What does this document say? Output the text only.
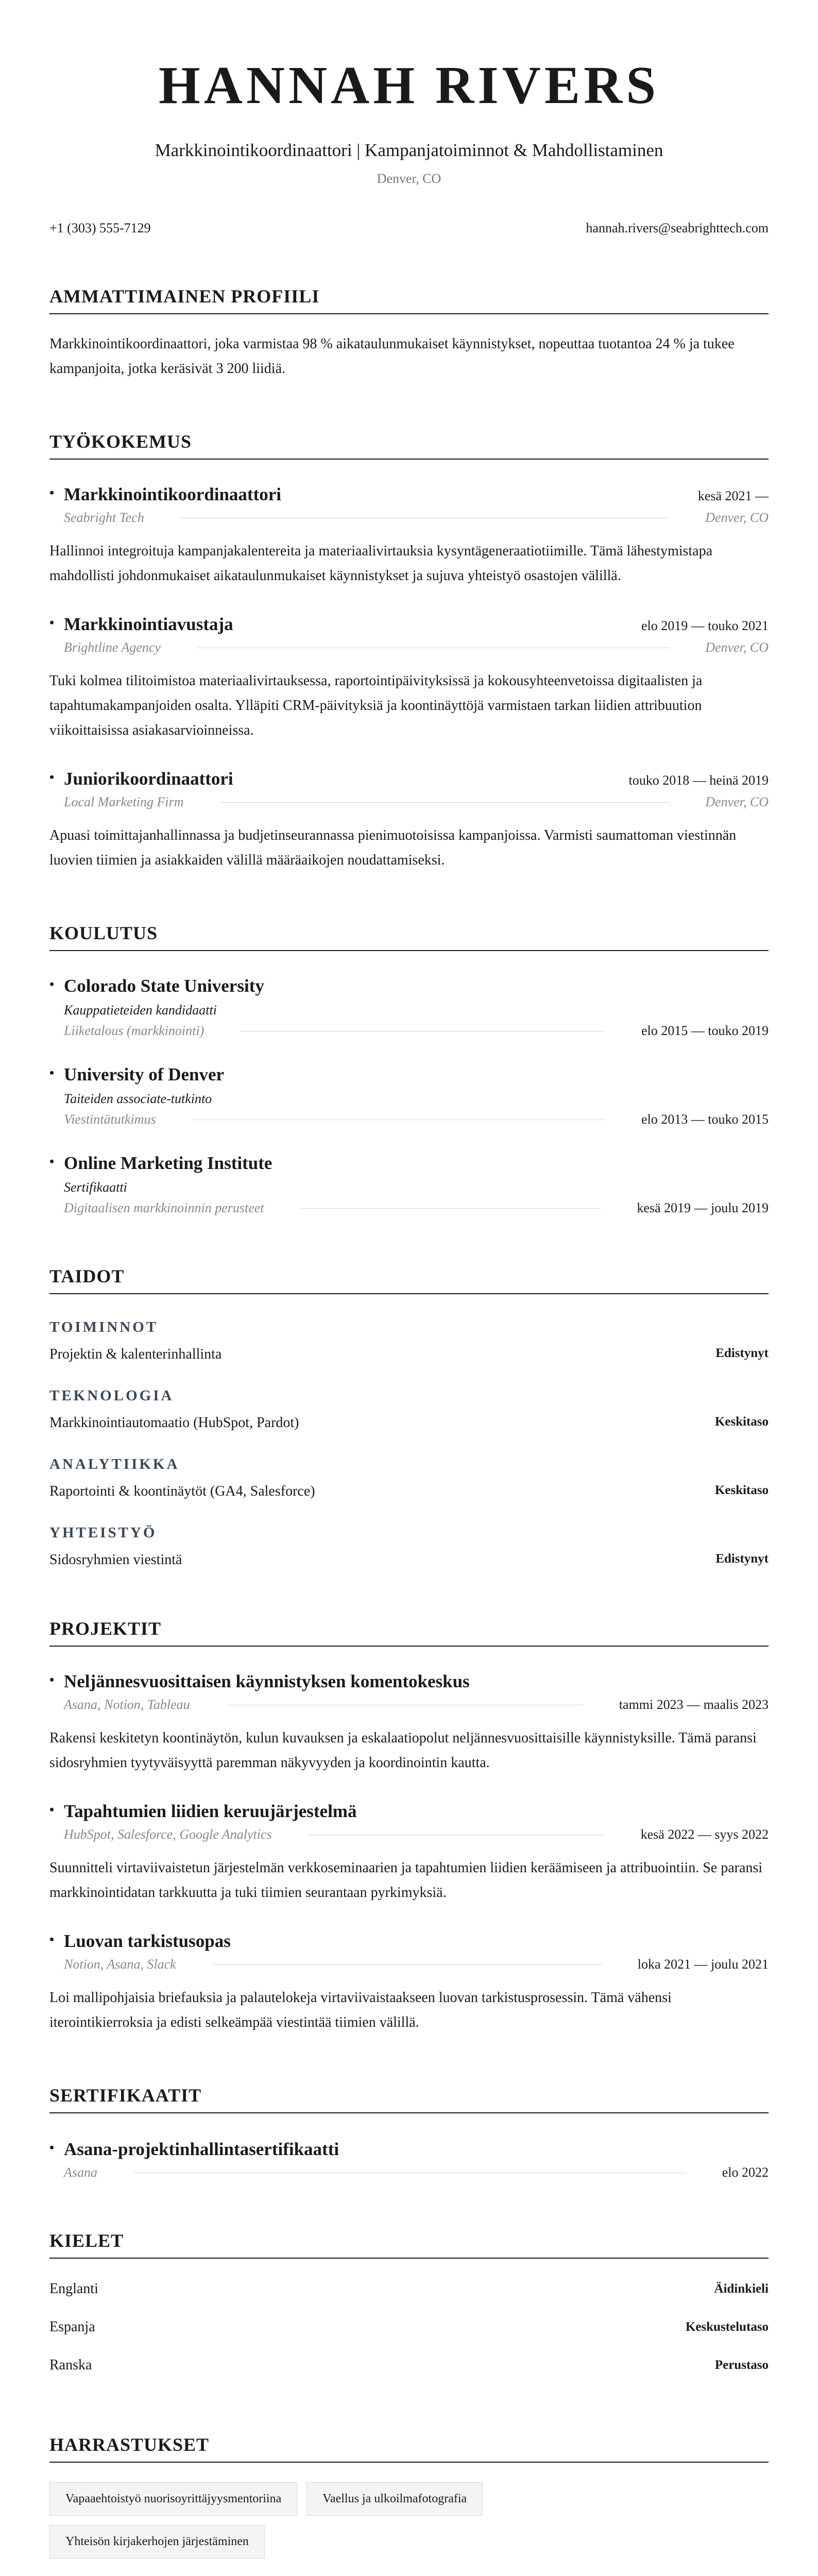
HANNAH RIVERS
Markkinointikoordinaattori | Kampanjatoiminnot & Mahdollistaminen
Denver, CO
+1 (303) 555-7129	hannah.rivers@seabrighttech.com
AMMATTIMAINEN PROFIILI

Markkinointikoordinaattori, joka varmistaa 98 % aikataulunmukaiset käynnistykset, nopeuttaa tuotantoa 24 % ja tukee kampanjoita, jotka keräsivät 3 200 liidiä.

TYÖKOKEMUS
• Markkinointikoordinaattori	kesä 2021 —
Seabright Tech	Denver, CO

Hallinnoi integroituja kampanjakalentereita ja materiaalivirtauksia kysyntägeneraatiotiimille. Tämä lähestymistapa mahdollisti johdonmukaiset aikataulunmukaiset käynnistykset ja sujuva yhteistyö osastojen välillä.

• Markkinointiavustaja	elo 2019 — touko 2021
Brightline Agency	Denver, CO

Tuki kolmea tilitoimistoa materiaalivirtauksessa, raportointipäivityksissä ja kokousyhteenvetoissa digitaalisten ja tapahtumakampanjoiden osalta. Ylläpiti CRM-päivityksiä ja koontinäyttöjä varmistaen tarkan liidien attribuution viikoittaisissa asiakasarvioinneissa.

• Juniorikoordinaattori	touko 2018 — heinä 2019
Local Marketing Firm	Denver, CO

Apuasi toimittajanhallinnassa ja budjetinseurannassa pienimuotoisissa kampanjoissa. Varmisti saumattoman viestinnän luovien tiimien ja asiakkaiden välillä määräaikojen noudattamiseksi.

KOULUTUS
• Colorado State University
Kauppatieteiden kandidaatti
Liiketalous (markkinointi)	elo 2015 — touko 2019
• University of Denver
Taiteiden associate-tutkinto
Viestintätutkimus	elo 2013 — touko 2015
• Online Marketing Institute
Sertifikaatti
Digitaalisen markkinoinnin perusteet	kesä 2019 — joulu 2019
TAIDOT
TOIMINNOT
Projektin & kalenterinhallinta	Edistynyt
TEKNOLOGIA
Markkinointiautomaatio (HubSpot, Pardot)	Keskitaso
ANALYTIIKKA
Raportointi & koontinäytöt (GA4, Salesforce)	Keskitaso
YHTEISTYÖ
Sidosryhmien viestintä	Edistynyt
PROJEKTIT
• Neljännesvuosittaisen käynnistyksen komentokeskus
Asana, Notion, Tableau	tammi 2023 — maalis 2023

Rakensi keskitetyn koontinäytön, kulun kuvauksen ja eskalaatiopolut neljännesvuosittaisille käynnistyksille. Tämä paransi sidosryhmien tyytyväisyyttä paremman näkyvyyden ja koordinointin kautta.

• Tapahtumien liidien keruujärjestelmä
HubSpot, Salesforce, Google Analytics	kesä 2022 — syys 2022

Suunnitteli virtaviivaistetun järjestelmän verkkoseminaarien ja tapahtumien liidien keräämiseen ja attribuointiin. Se paransi markkinointidatan tarkkuutta ja tuki tiimien seurantaan pyrkimyksiä.

• Luovan tarkistusopas
Notion, Asana, Slack	loka 2021 — joulu 2021

Loi mallipohjaisia briefauksia ja palautelokeja virtaviivaistaakseen luovan tarkistusprosessin. Tämä vähensi iterointikierroksia ja edisti selkeämpää viestintää tiimien välillä.

SERTIFIKAATIT
• Asana-projektinhallintasertifikaatti
Asana	elo 2022
KIELET
Englanti	Äidinkieli
Espanja	Keskustelutaso
Ranska	Perustaso
HARRASTUKSET
Vapaaehtoistyö nuorisoyrittäjyysmentoriina	Vaellus ja ulkoilmafotografia
Yhteisön kirjakerhojen järjestäminen
